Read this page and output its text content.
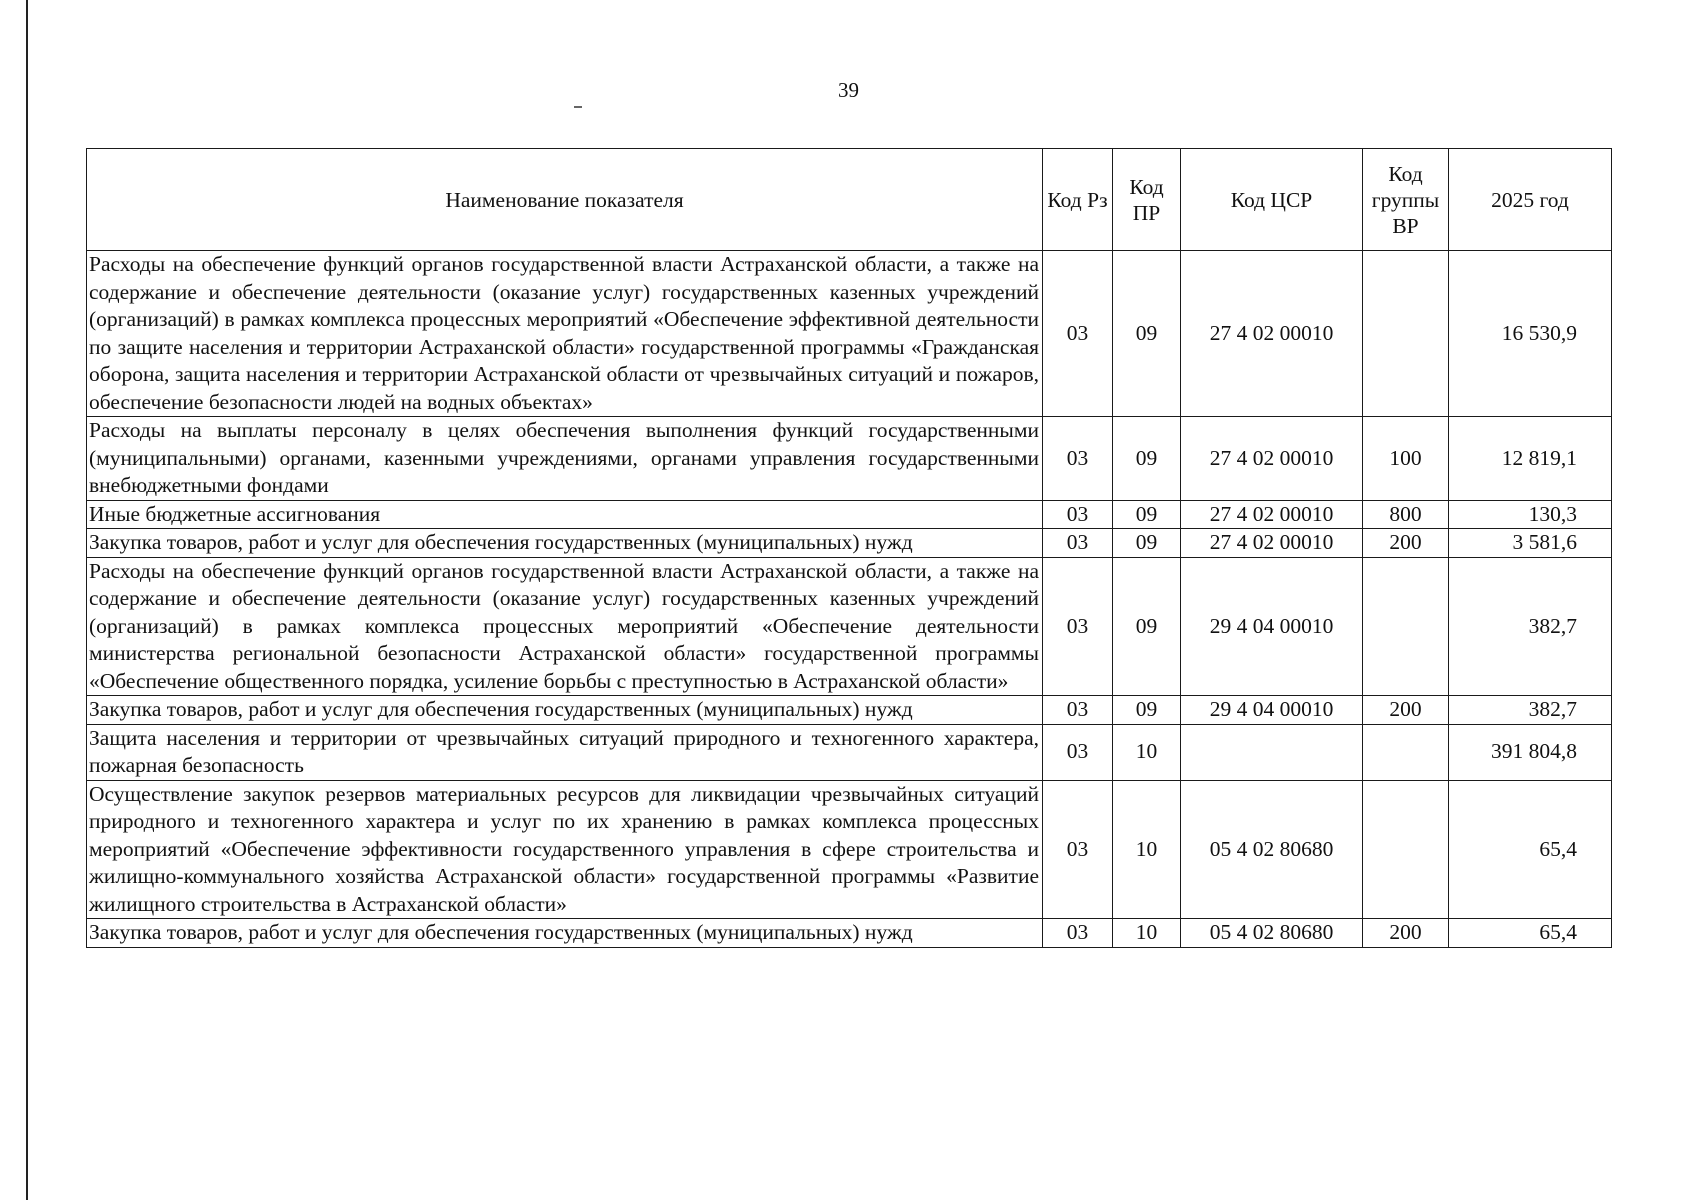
39
Наименование показателя	Код Рз	Код ПР	Код ЦСР	Код группы ВР	2025 год
Расходы на обеспечение функций органов государственной власти Астраханской области, а также на содержание и обеспечение деятельности (оказание услуг) государственных казенных учреждений (организаций) в рамках комплекса процессных мероприятий «Обеспечение эффективной деятельности по защите населения и территории Астраханской области» государственной программы «Гражданская оборона, защита населения и территории Астраханской области от чрезвычайных ситуаций и пожаров, обеспечение безопасности людей на водных объектах»	03	09	27 4 02 00010		16 530,9
Расходы на выплаты персоналу в целях обеспечения выполнения функций государственными (муниципальными) органами, казенными учреждениями, органами управления государственными внебюджетными фондами	03	09	27 4 02 00010	100	12 819,1
Иные бюджетные ассигнования	03	09	27 4 02 00010	800	130,3
Закупка товаров, работ и услуг для обеспечения государственных (муниципальных) нужд	03	09	27 4 02 00010	200	3 581,6
Расходы на обеспечение функций органов государственной власти Астраханской области, а также на содержание и обеспечение деятельности (оказание услуг) государственных казенных учреждений (организаций) в рамках комплекса процессных мероприятий «Обеспечение деятельности министерства региональной безопасности Астраханской области» государственной программы «Обеспечение общественного порядка, усиление борьбы с преступностью в Астраханской области»	03	09	29 4 04 00010		382,7
Закупка товаров, работ и услуг для обеспечения государственных (муниципальных) нужд	03	09	29 4 04 00010	200	382,7
Защита населения и территории от чрезвычайных ситуаций природного и техногенного характера, пожарная безопасность	03	10			391 804,8
Осуществление закупок резервов материальных ресурсов для ликвидации чрезвычайных ситуаций природного и техногенного характера и услуг по их хранению в рамках комплекса процессных мероприятий «Обеспечение эффективности государственного управления в сфере строительства и жилищно-коммунального хозяйства Астраханской области» государственной программы «Развитие жилищного строительства в Астраханской области»	03	10	05 4 02 80680		65,4
Закупка товаров, работ и услуг для обеспечения государственных (муниципальных) нужд	03	10	05 4 02 80680	200	65,4
